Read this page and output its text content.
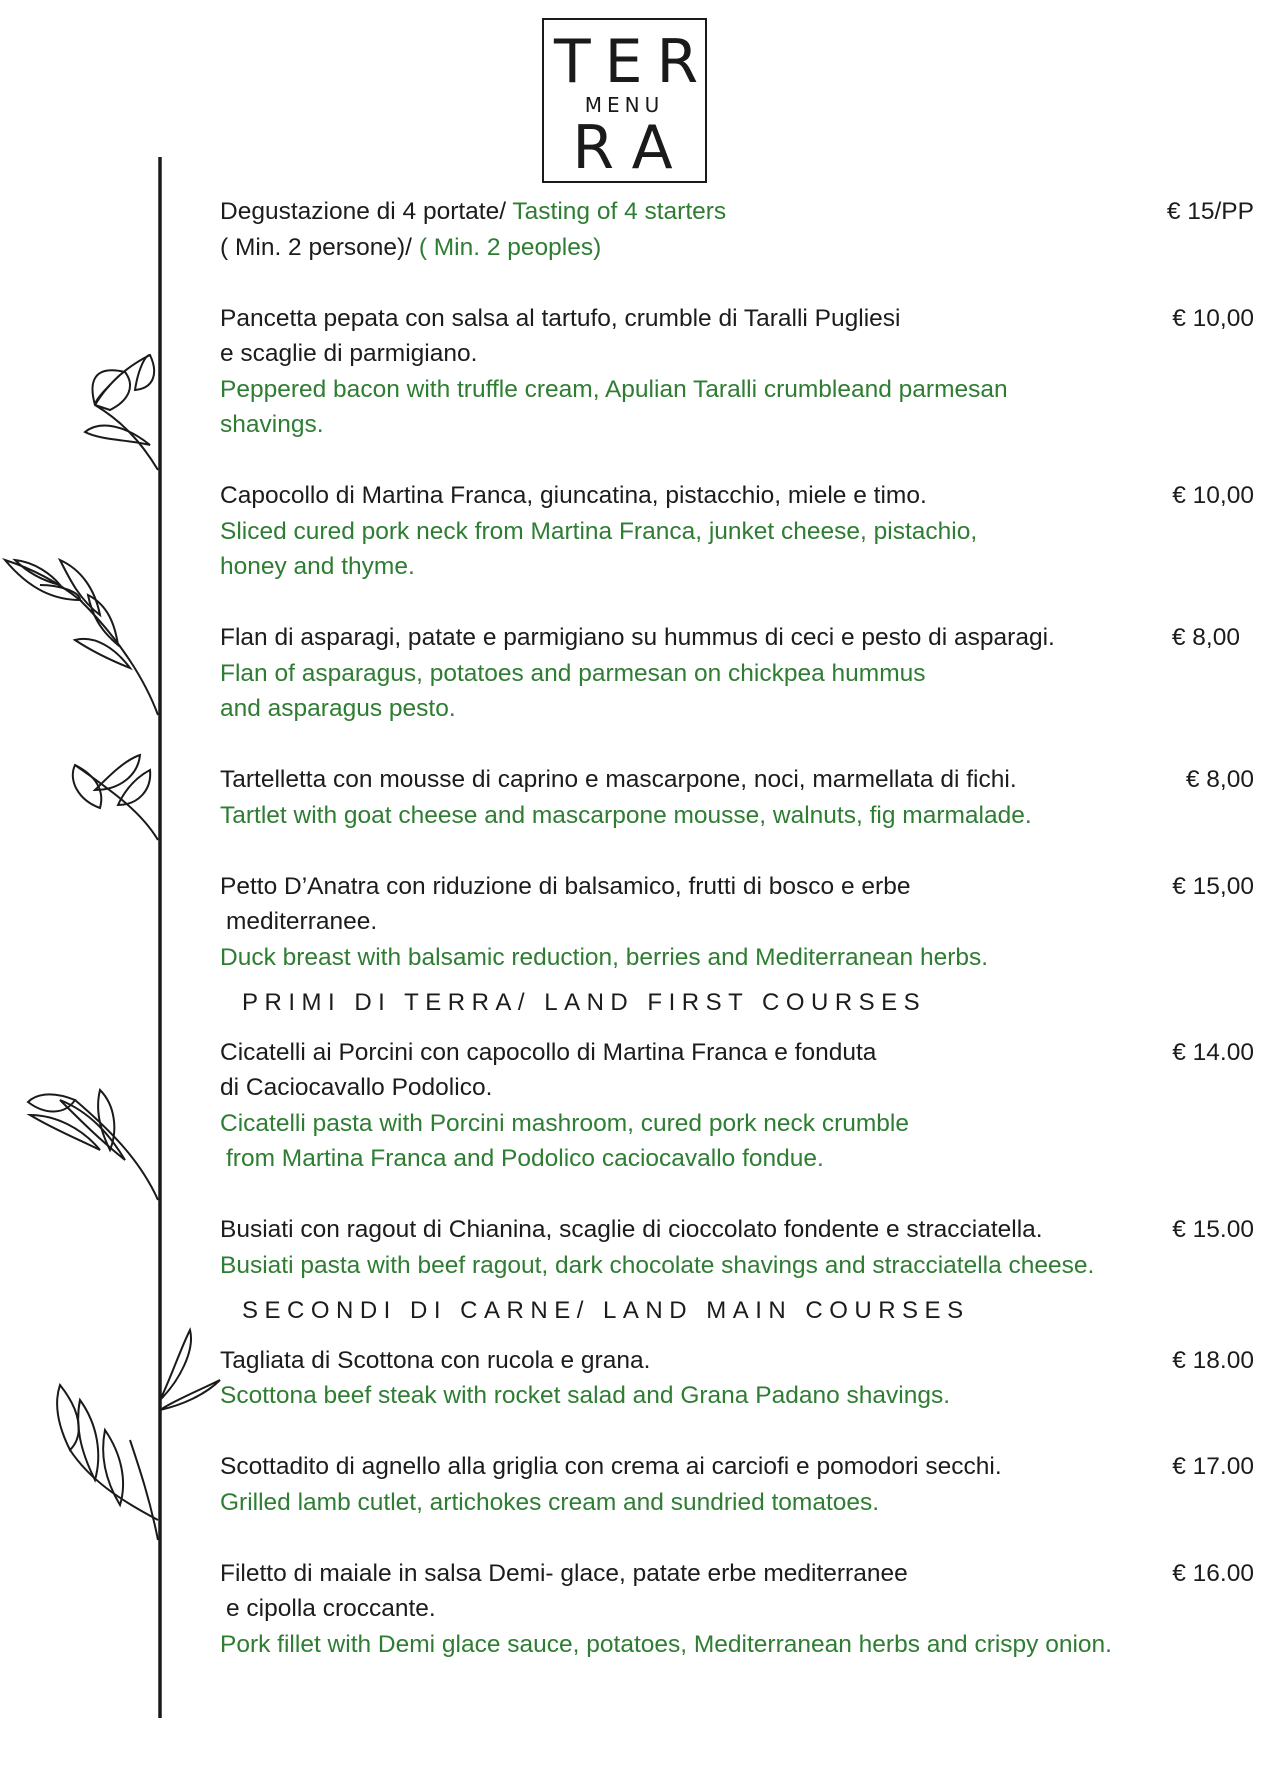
TER
MENU
RA
Degustazione di 4 portate/ Tasting of 4 starters
( Min. 2 persone)/ ( Min. 2 peoples)
€ 15/PP
Pancetta pepata con salsa al tartufo, crumble di Taralli Pugliesi
e scaglie di parmigiano.
Peppered bacon with truffle cream, Apulian Taralli crumbleand parmesan
shavings.
€ 10,00
Capocollo di Martina Franca, giuncatina, pistacchio, miele e timo.
Sliced cured pork neck from Martina Franca, junket cheese, pistachio,
honey and thyme.
€ 10,00
Flan di asparagi, patate e parmigiano su hummus di ceci e pesto di asparagi.
Flan of asparagus, potatoes and parmesan on chickpea hummus
and asparagus pesto.
€ 8,00
Tartelletta con mousse di caprino e mascarpone, noci, marmellata di fichi.
Tartlet with goat cheese and mascarpone mousse, walnuts, fig marmalade.
€ 8,00
Petto D’Anatra con riduzione di balsamico, frutti di bosco e erbe
mediterranee.
Duck breast with balsamic reduction, berries and Mediterranean herbs.
€ 15,00
PRIMI DI TERRA/ LAND FIRST COURSES
Cicatelli ai Porcini con capocollo di Martina Franca e fonduta
di Caciocavallo Podolico.
Cicatelli pasta with Porcini mashroom, cured pork neck crumble
from Martina Franca and Podolico caciocavallo fondue.
€ 14.00
Busiati con ragout di Chianina, scaglie di cioccolato fondente e stracciatella.
Busiati pasta with beef ragout, dark chocolate shavings and stracciatella cheese.
€ 15.00
SECONDI DI CARNE/ LAND MAIN COURSES
Tagliata di Scottona con rucola e grana.
Scottona beef steak with rocket salad and Grana Padano shavings.
€ 18.00
Scottadito di agnello alla griglia con crema ai carciofi e pomodori secchi.
Grilled lamb cutlet, artichokes cream and sundried tomatoes.
€ 17.00
Filetto di maiale in salsa Demi- glace, patate erbe mediterranee
e cipolla croccante.
Pork fillet with Demi glace sauce, potatoes, Mediterranean herbs and crispy onion.
€ 16.00
